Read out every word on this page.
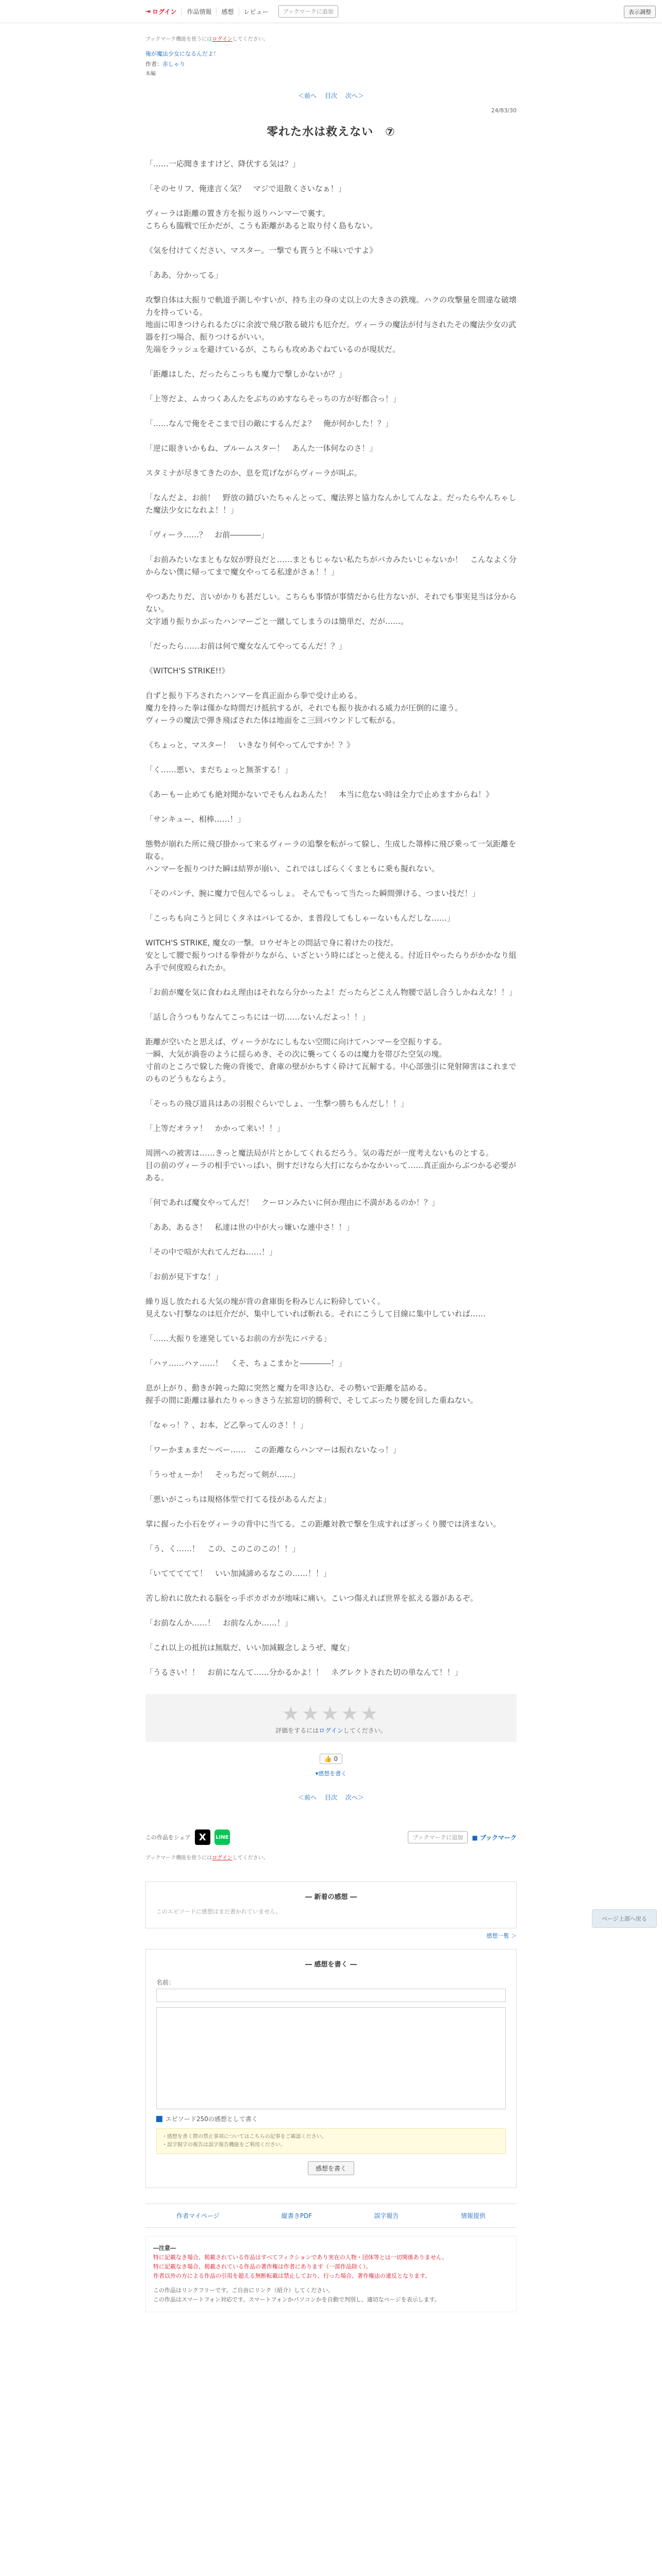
⇥ ログイン	作品情報	感想	レビュー	ブックマークに追加	表示調整
ブックマーク機能を使うにはログインしてください。
俺が魔法少女になるんだよ！
作者：赤しゃり
本編
＜前へ 目次 次へ＞
24/83/30
零れた水は救えない　⑦

「……一応聞きますけど、降伏する気は？」

「そのセリフ、俺達言く気？　マジで退散くさいなぁ！」

ヴィーラは距離の置き方を振り返りハンマーで裏す。
こちらも臨戦で圧かだが、こうも距離があると取り付く島もない。

《気を付けてください、マスター。一撃でも貰うと不味いですよ》

「ああ、分かってる」

攻撃自体は大振りで軌道予測しやすいが、持ち主の身の丈以上の大きさの鉄塊。ハクの攻撃量を間違な破壊力を持っている。
地面に叩きつけられるたびに余波で飛び散る破片も厄介だ。ヴィーラの魔法が付与されたその魔法少女の武器を打つ場合、振りつけるがいい。
先端をラッシュを避けているが、こちらも攻めあぐねているのが現状だ。

「距離はした、だったらこっちも魔力で撃しかないが？」

「上等だよ、ムカつくあんたをぶちのめすならそっちの方が好都合っ！」

「……なんで俺をそこまで目の敵にするんだよ？　俺が何かした！？」

「逆に眼きいかもね、ブルームスター！　あんた一体何なのさ！」

スタミナが尽きてきたのか、息を荒げながらヴィーラが叫ぶ。

「なんだよ、お前！　野放の錆びいたちゃんとって、魔法界と協力なんかしてんなよ。だったらやんちゃした魔法少女になれよ！！」

「ヴィーラ……？　お前――――」

「お前みたいなまともな奴が野良だと……まともじゃない私たちがバカみたいじゃないか！　こんなよく分からない僕に帰ってまで魔女やってる私達がさぁ！！」

やつあたりだ、言いがかりも甚だしい。こちらも事情が事情だから仕方ないが、それでも事実見当は分からない。
文字通り振りかぶったハンマーごと一蹴してしまうのは簡単だ、だが……。

「だったら……お前は何で魔女なんてやってるんだ！？」

《WITCH'S STRIKE!!》

自ずと振り下ろされたハンマーを真正面から拳で受け止める。
魔力を持った拳は僅かな時間だけ抵抗するが、それでも振り抜かれる威力が圧倒的に違う。
ヴィーラの魔法で弾き飛ばされた体は地面をこ三回バウンドして転がる。

《ちょっと、マスター！　いきなり何やってんですか！？》

「く……悪い、まだちょっと無茶する！」

《あーもー止めても絶対聞かないでそもんねあんた！　本当に危ない時は全力で止めますからね！》

「サンキュー、相棒……！」

態勢が崩れた所に飛び掛かって来るヴィーラの追撃を転がって躱し、生成した箒棒に飛び乗って一気距離を取る。
ハンマーを振りつけた瞬は結界が崩い、これではしばらくくまともに乗も擬れない。

「そのパンチ、腕に魔力で包んでるっしょ。 そんでもって当たった瞬間弾ける、つまい技だ！」

「こっちも向こうと同じくタネはバレてるか、ま普段してもしゃーないもんだしな……」

WITCH'S STRIKE, 魔女の一撃。ロウゼキとの問話で身に着けたの技だ。
安として腰で振りつける拳骨がりながら、いざという時にばとっと使える。付近日やったらりがかかなり組み手で何度殴られたか。

「お前が魔を気に食わねえ理由はそれなら分かったよ！だったらどこえん物腰で話し合うしかねえな！！」

「話し合うつもりなんてこっちには一切……ないんだよっ！！」

距離が空いたと思えば、ヴィーラがなにしもない空間に向けてハンマーを空振りする。
一瞬、大気が渦巻のように揺らめき、その次に襲ってくるのは魔力を帯びた空気の塊。
寸前のところで躱した俺の背後で、倉庫の壁がかちすく砕けて瓦解する。中心部強引に発射障害はこれまでのものどうもならよう。

「そっちの飛び道具はあの羽根ぐらいでしょ、一生撃つ勝ちもんだし！！」

「上等だオラァ！　かかって来い！！」

周囲への被害は……きっと魔法局が片とかしてくれるだろう。気の毒だが一度考えないものとする。
目の前のヴィーラの相手でいっぱい、倒すだけなら大打にならかなかいって……真正面からぶつかる必要がある。

「何であれば魔女やってんだ！　クーロンみたいに何か理由に不満があるのか！？」

「ああ、あるさ！　私達は世の中が大っ嫌いな連中さ！！」

「その中で喧が大れてんだね……！」

「お前が見下すな！」

繰り返し放たれる大気の塊が背の倉庫街を粉みじんに粉砕していく。
見えない打撃なのは厄介だが、集中していれば斬れる。それにこうして目線に集中していれば……

「……大振りを連発しているお前の方が先にバテる」

「ハァ……ハァ……！　くそ、ちょこまかと――――！」

息が上がり、動きが鈍った隙に突然と魔力を叩き込む、その勢いで距離を詰める。
握手の間に距離は暴れたりゃっきさう左拡窓切的勝利で、そしてぶったり腰を回した重ねない。

「なゃっ！？、お本、ど乙拳ってんのさ！！」

「ワーかまぁまだ～ベー……　この距離ならハンマーは振れないなっ！」

「うっせぇーか！　そっちだって剣が……」

「悪いがこっちは規格体型で打てる技があるんだよ」

掌に握った小石をヴィーラの背中に当てる。この距離対教で撃を生成すればぎっくり腰では済まない。

「う、く……！　この、このこのこの！！」

「いててててて！　いい加減諦めるなこの……！！」

苦し紛れに放たれる脳をっ手ポカポカが地味に痛い。こいつ傷えれば世界を拡える器があるぞ。

「お前なんか……！　お前なんか……！」

「これ以上の抵抗は無駄だ、いい加減観念しようぜ、魔女」

「うるさい！！　お前になんて……分かるかよ！！　ネグレクトされた切の単なんて！！」

★★★★★
評価をするにはログインしてください。
👍 0
▾感想を書く
＜前へ 目次 次へ＞
この作品をシェア X	LINE	ブックマークに追加	■ ブックマーク
ブックマーク機能を使うにはログインしてください。
― 新着の感想 ―
このエピソードに感想はまだ書かれていません。
感想一覧 ＞
― 感想を書く ―
名前：
エピソード250の感想として書く
・感想を書く際の禁止事項についてはこちらの記事をご確認ください。
・誤字脱字の報告は誤字報告機能をご利用ください。
感想を書く
作者マイページ	縦書きPDF	誤字報告	情報提供
―注意―
特に記載なき場合、掲載されている作品はすべてフィクションであり実在の人物・団体等とは一切関係ありません。
特に記載なき場合、掲載されている作品の著作権は作者にあります（一部作品除く）。
作者以外の方による作品の引用を超える無断転載は禁止しており、行った場合、著作権法の違反となります。
この作品はリンクフリーです。ご自由にリンク（紹介）してください。
この作品はスマートフォン対応です。スマートフォンかパソコンかを自動で判別し、適切なページを表示します。
ページ上部へ戻る
